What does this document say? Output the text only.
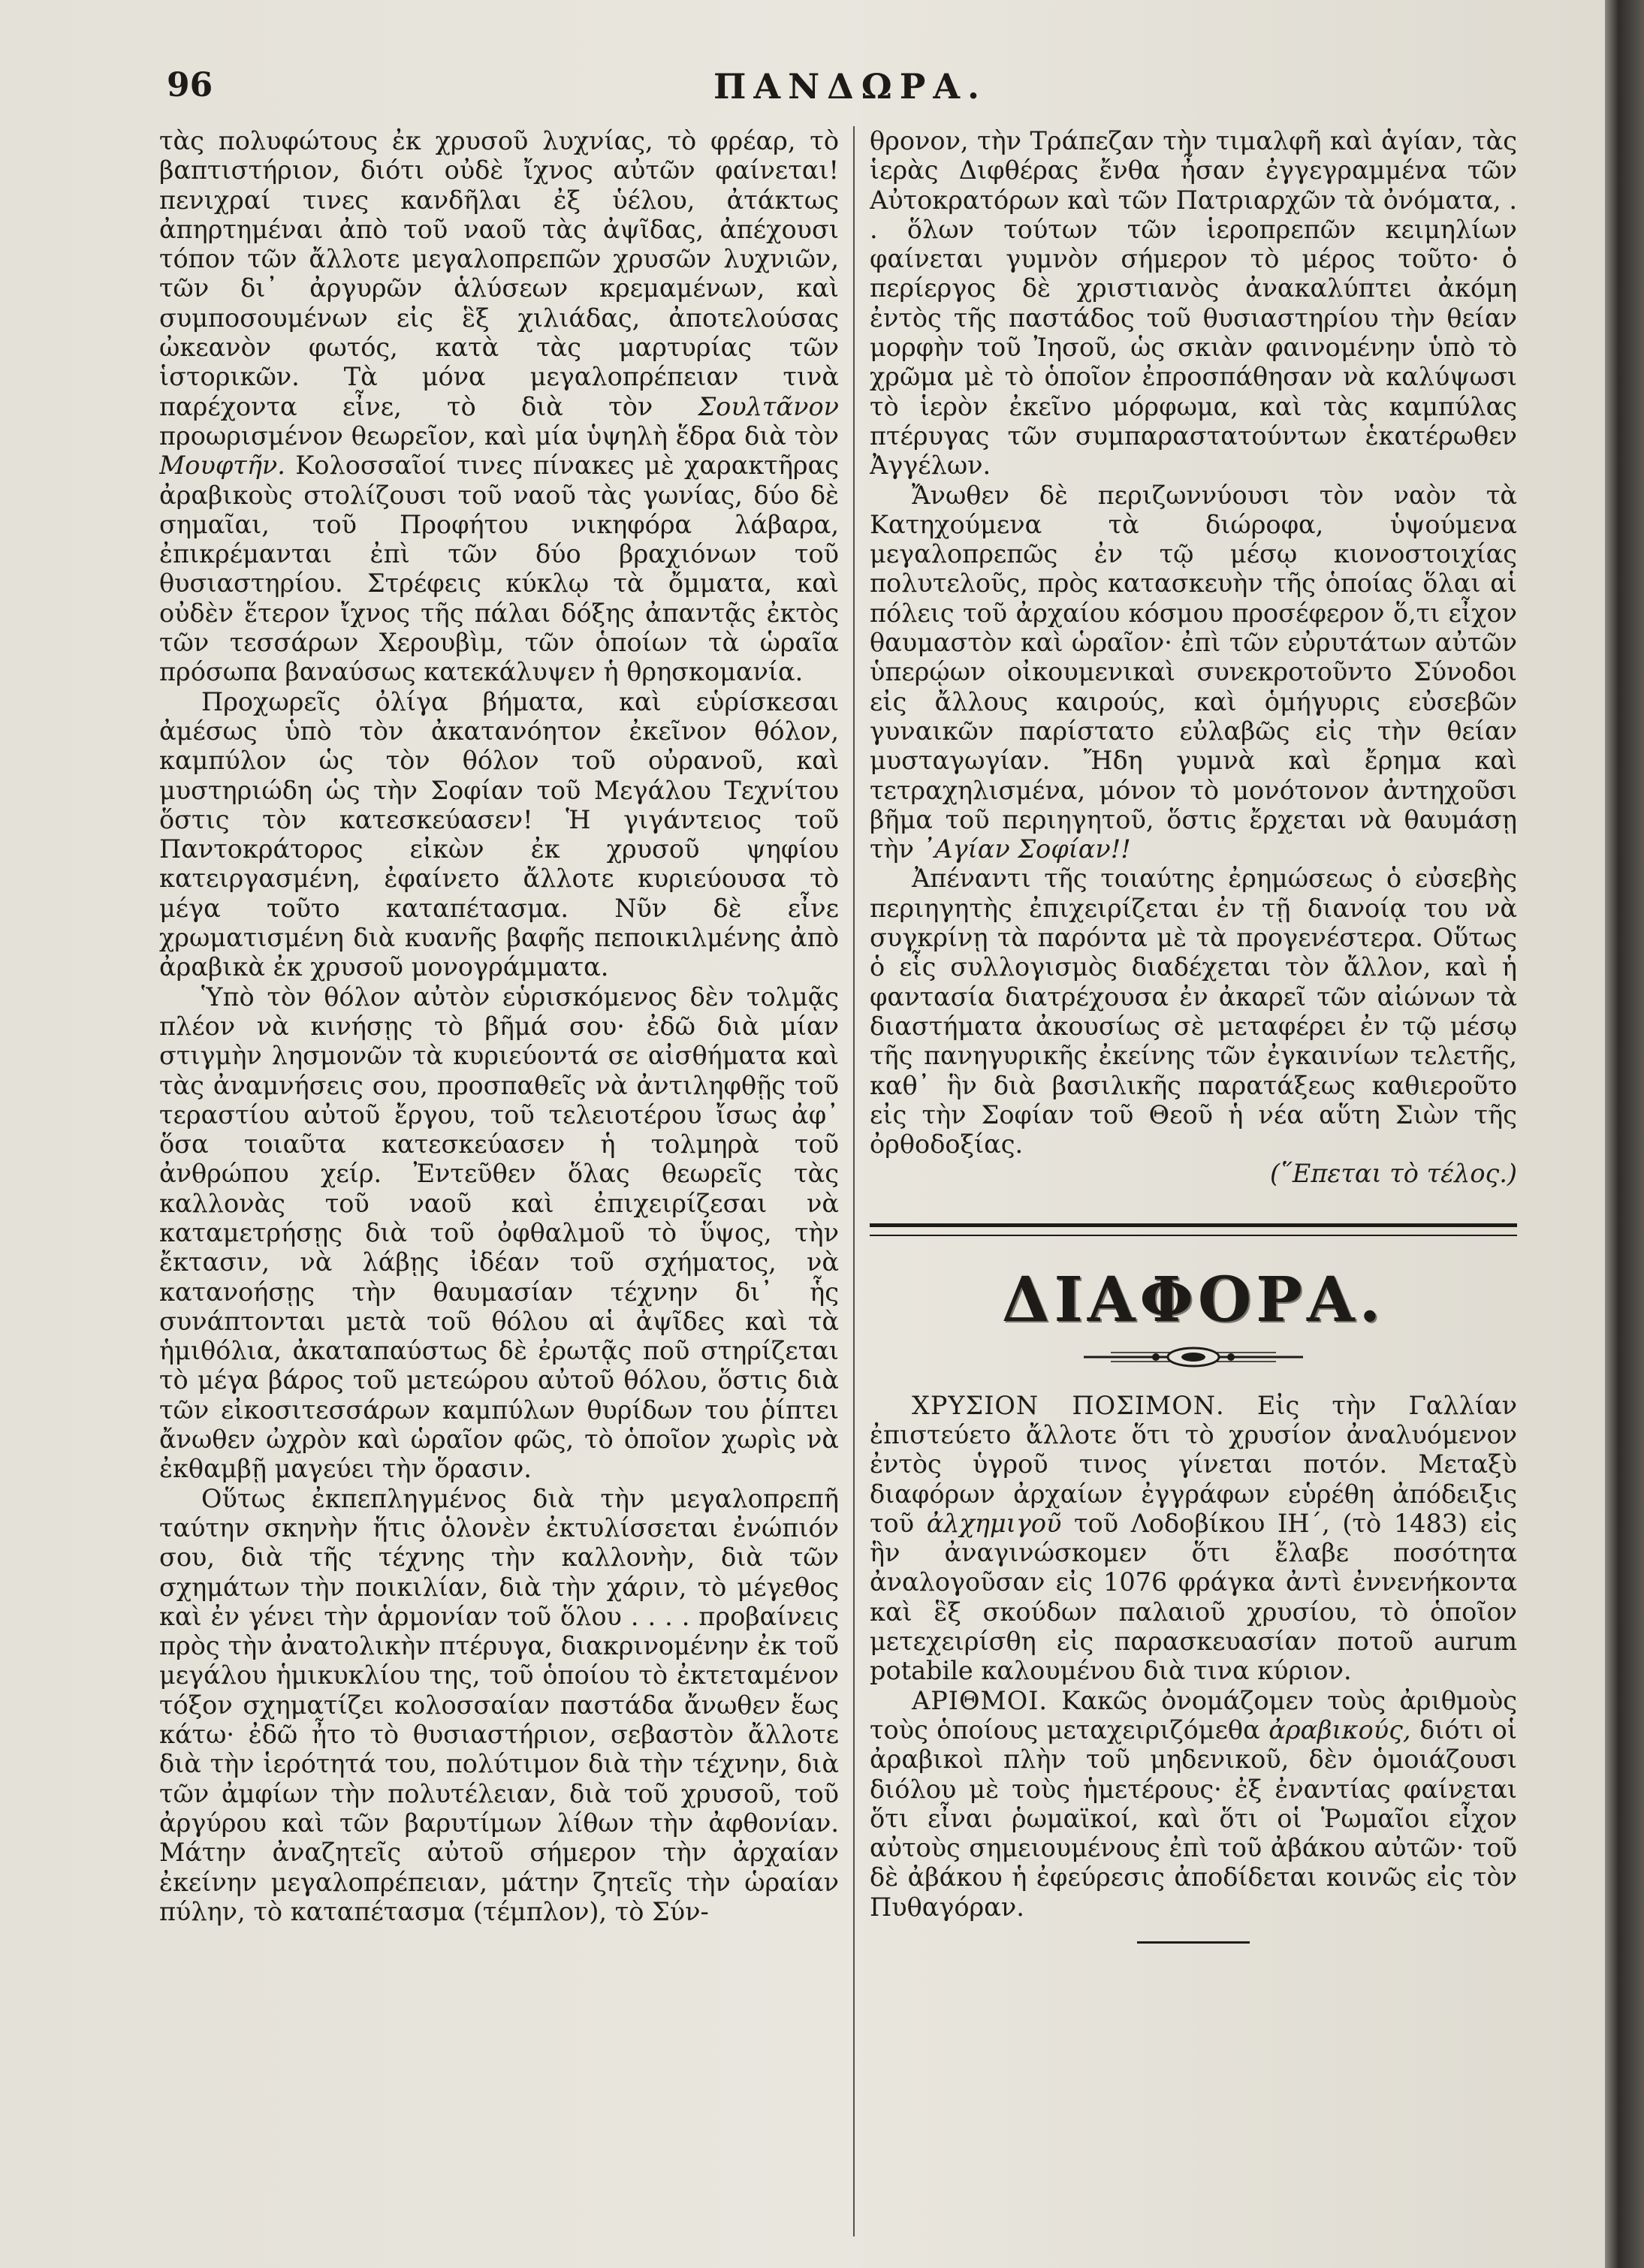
96	ΠΑΝΔΩΡΑ.

τὰς πολυφώτους ἐκ χρυσοῦ λυχνίας, τὸ φρέαρ, τὸ βαπτιστήριον, διότι οὐδὲ ἴχνος αὐτῶν φαίνεται! πενιχραί τινες κανδῆλαι ἐξ ὑέλου, ἀτάκτως ἀπηρτημέναι ἀπὸ τοῦ ναοῦ τὰς ἀψῖδας, ἀπέχουσι τόπον τῶν ἄλλοτε μεγαλοπρεπῶν χρυσῶν λυχνιῶν, τῶν δι᾽ ἀργυρῶν ἁλύσεων κρεμαμένων, καὶ συμποσουμένων εἰς ἓξ χιλιάδας, ἀποτελούσας ὠκεανὸν φωτός, κατὰ τὰς μαρτυρίας τῶν ἱστορικῶν. Τὰ μόνα μεγαλοπρέπειαν τινὰ παρέχοντα εἶνε, τὸ διὰ τὸν Σουλτᾶνον προωρισμένον θεωρεῖον, καὶ μία ὑψηλὴ ἕδρα διὰ τὸν Μουφτῆν. Κολοσσαῖοί τινες πίνακες μὲ χαρακτῆρας ἀραβικοὺς στολίζουσι τοῦ ναοῦ τὰς γωνίας, δύο δὲ σημαῖαι, τοῦ Προφήτου νικηφόρα λάβαρα, ἐπικρέμανται ἐπὶ τῶν δύο βραχιόνων τοῦ θυσιαστηρίου. Στρέφεις κύκλῳ τὰ ὄμματα, καὶ οὐδὲν ἕτερον ἴχνος τῆς πάλαι δόξης ἀπαντᾷς ἐκτὸς τῶν τεσσάρων Χερουβὶμ, τῶν ὁποίων τὰ ὡραῖα πρόσωπα βαναύσως κατεκάλυψεν ἡ θρησκομανία.

Προχωρεῖς ὀλίγα βήματα, καὶ εὑρίσκεσαι ἀμέσως ὑπὸ τὸν ἀκατανόητον ἐκεῖνον θόλον, καμπύλον ὡς τὸν θόλον τοῦ οὐρανοῦ, καὶ μυστηριώδη ὡς τὴν Σοφίαν τοῦ Μεγάλου Τεχνίτου ὅστις τὸν κατεσκεύασεν! Ἡ γιγάντειος τοῦ Παντοκράτορος εἰκὼν ἐκ χρυσοῦ ψηφίου κατειργασμένη, ἐφαίνετο ἄλλοτε κυριεύουσα τὸ μέγα τοῦτο καταπέτασμα. Νῦν δὲ εἶνε χρωματισμένη διὰ κυανῆς βαφῆς πεποικιλμένης ἀπὸ ἀραβικὰ ἐκ χρυσοῦ μονογράμματα.

Ὑπὸ τὸν θόλον αὐτὸν εὑρισκόμενος δὲν τολμᾷς πλέον νὰ κινήσῃς τὸ βῆμά σου· ἐδῶ διὰ μίαν στιγμὴν λησμονῶν τὰ κυριεύοντά σε αἰσθήματα καὶ τὰς ἀναμνήσεις σου, προσπαθεῖς νὰ ἀντιληφθῇς τοῦ τεραστίου αὐτοῦ ἔργου, τοῦ τελειοτέρου ἴσως ἀφ᾽ ὅσα τοιαῦτα κατεσκεύασεν ἡ τολμηρὰ τοῦ ἀνθρώπου χείρ. Ἐντεῦθεν ὅλας θεωρεῖς τὰς καλλονὰς τοῦ ναοῦ καὶ ἐπιχειρίζεσαι νὰ καταμετρήσῃς διὰ τοῦ ὀφθαλμοῦ τὸ ὕψος, τὴν ἔκτασιν, νὰ λάβῃς ἰδέαν τοῦ σχήματος, νὰ κατανοήσῃς τὴν θαυμασίαν τέχνην δι᾽ ἧς συνάπτονται μετὰ τοῦ θόλου αἱ ἀψῖδες καὶ τὰ ἡμιθόλια, ἀκαταπαύστως δὲ ἐρωτᾷς ποῦ στηρίζεται τὸ μέγα βάρος τοῦ μετεώρου αὐτοῦ θόλου, ὅστις διὰ τῶν εἰκοσιτεσσάρων καμπύλων θυρίδων του ῥίπτει ἄνωθεν ὠχρὸν καὶ ὡραῖον φῶς, τὸ ὁποῖον χωρὶς νὰ ἐκθαμβῇ μαγεύει τὴν ὅρασιν.

Οὕτως ἐκπεπληγμένος διὰ τὴν μεγαλοπρεπῆ ταύτην σκηνὴν ἥτις ὁλονὲν ἐκτυλίσσεται ἐνώπιόν σου, διὰ τῆς τέχνης τὴν καλλονὴν, διὰ τῶν σχημάτων τὴν ποικιλίαν, διὰ τὴν χάριν, τὸ μέγεθος καὶ ἐν γένει τὴν ἁρμονίαν τοῦ ὅλου . . . . προβαίνεις πρὸς τὴν ἀνατολικὴν πτέρυγα, διακρινομένην ἐκ τοῦ μεγάλου ἡμικυκλίου της, τοῦ ὁποίου τὸ ἐκτεταμένον τόξον σχηματίζει κολοσσαίαν παστάδα ἄνωθεν ἕως κάτω· ἐδῶ ἦτο τὸ θυσιαστήριον, σεβαστὸν ἄλλοτε διὰ τὴν ἱερότητά του, πολύτιμον διὰ τὴν τέχνην, διὰ τῶν ἀμφίων τὴν πολυτέλειαν, διὰ τοῦ χρυσοῦ, τοῦ ἀργύρου καὶ τῶν βαρυτίμων λίθων τὴν ἀφθονίαν. Μάτην ἀναζητεῖς αὐτοῦ σήμερον τὴν ἀρχαίαν ἐκείνην μεγαλοπρέπειαν, μάτην ζητεῖς τὴν ὡραίαν πύλην, τὸ καταπέτασμα (τέμπλον), τὸ Σύν-

θρονον, τὴν Τράπεζαν τὴν τιμαλφῆ καὶ ἁγίαν, τὰς ἱερὰς Διφθέρας ἔνθα ἦσαν ἐγγεγραμμένα τῶν Αὐτοκρατόρων καὶ τῶν Πατριαρχῶν τὰ ὀνόματα, . . ὅλων τούτων τῶν ἱεροπρεπῶν κειμηλίων φαίνεται γυμνὸν σήμερον τὸ μέρος τοῦτο· ὁ περίεργος δὲ χριστιανὸς ἀνακαλύπτει ἀκόμη ἐντὸς τῆς παστάδος τοῦ θυσιαστηρίου τὴν θείαν μορφὴν τοῦ Ἰησοῦ, ὡς σκιὰν φαινομένην ὑπὸ τὸ χρῶμα μὲ τὸ ὁποῖον ἐπροσπάθησαν νὰ καλύψωσι τὸ ἱερὸν ἐκεῖνο μόρφωμα, καὶ τὰς καμπύλας πτέρυγας τῶν συμπαραστατούντων ἑκατέρωθεν Ἀγγέλων.

Ἄνωθεν δὲ περιζωννύουσι τὸν ναὸν τὰ Κατηχούμενα τὰ διώροφα, ὑψούμενα μεγαλοπρεπῶς ἐν τῷ μέσῳ κιονοστοιχίας πολυτελοῦς, πρὸς κατασκευὴν τῆς ὁποίας ὅλαι αἱ πόλεις τοῦ ἀρχαίου κόσμου προσέφερον ὅ,τι εἶχον θαυμαστὸν καὶ ὡραῖον· ἐπὶ τῶν εὐρυτάτων αὐτῶν ὑπερῴων οἰκουμενικαὶ συνεκροτοῦντο Σύνοδοι εἰς ἄλλους καιρούς, καὶ ὁμήγυρις εὐσεβῶν γυναικῶν παρίστατο εὐλαβῶς εἰς τὴν θείαν μυσταγωγίαν. Ἤδη γυμνὰ καὶ ἔρημα καὶ τετραχηλισμένα, μόνον τὸ μονότονον ἀντηχοῦσι βῆμα τοῦ περιηγητοῦ, ὅστις ἔρχεται νὰ θαυμάσῃ τὴν ᾿Αγίαν Σοφίαν!!

Ἀπέναντι τῆς τοιαύτης ἐρημώσεως ὁ εὐσεβὴς περιηγητὴς ἐπιχειρίζεται ἐν τῇ διανοίᾳ του νὰ συγκρίνῃ τὰ παρόντα μὲ τὰ προγενέστερα. Οὕτως ὁ εἷς συλλογισμὸς διαδέχεται τὸν ἄλλον, καὶ ἡ φαντασία διατρέχουσα ἐν ἀκαρεῖ τῶν αἰώνων τὰ διαστήματα ἀκουσίως σὲ μεταφέρει ἐν τῷ μέσῳ τῆς πανηγυρικῆς ἐκείνης τῶν ἐγκαινίων τελετῆς, καθ᾽ ἣν διὰ βασιλικῆς παρατάξεως καθιεροῦτο εἰς τὴν Σοφίαν τοῦ Θεοῦ ἡ νέα αὕτη Σιὼν τῆς ὀρθοδοξίας.

(῞Επεται τὸ τέλος.)

ΔΙΑΦΟΡΑ.

ΧΡΥΣΙΟΝ ΠΟΣΙΜΟΝ. Εἰς τὴν Γαλλίαν ἐπιστεύετο ἄλλοτε ὅτι τὸ χρυσίον ἀναλυόμενον ἐντὸς ὑγροῦ τινος γίνεται ποτόν. Μεταξὺ διαφόρων ἀρχαίων ἐγγράφων εὑρέθη ἀπόδειξις τοῦ ἀλχημιγοῦ τοῦ Λοδοβίκου ΙΗ΄, (τὸ 1483) εἰς ἣν ἀναγινώσκομεν ὅτι ἔλαβε ποσότητα ἀναλογοῦσαν εἰς 1076 φράγκα ἀντὶ ἐννενήκοντα καὶ ἓξ σκούδων παλαιοῦ χρυσίου, τὸ ὁποῖον μετεχειρίσθη εἰς παρασκευασίαν ποτοῦ aurum potabile καλουμένου διὰ τινα κύριον.

ΑΡΙΘΜΟΙ. Κακῶς ὀνομάζομεν τοὺς ἀριθμοὺς τοὺς ὁποίους μεταχειριζόμεθα ἀραβικούς, διότι οἱ ἀραβικοὶ πλὴν τοῦ μηδενικοῦ, δὲν ὁμοιάζουσι διόλου μὲ τοὺς ἡμετέρους· ἐξ ἐναντίας φαίνεται ὅτι εἶναι ῥωμαϊκοί, καὶ ὅτι οἱ Ῥωμαῖοι εἶχον αὐτοὺς σημειουμένους ἐπὶ τοῦ ἀβάκου αὐτῶν· τοῦ δὲ ἀβάκου ἡ ἐφεύρεσις ἀποδίδεται κοινῶς εἰς τὸν Πυθαγόραν.
